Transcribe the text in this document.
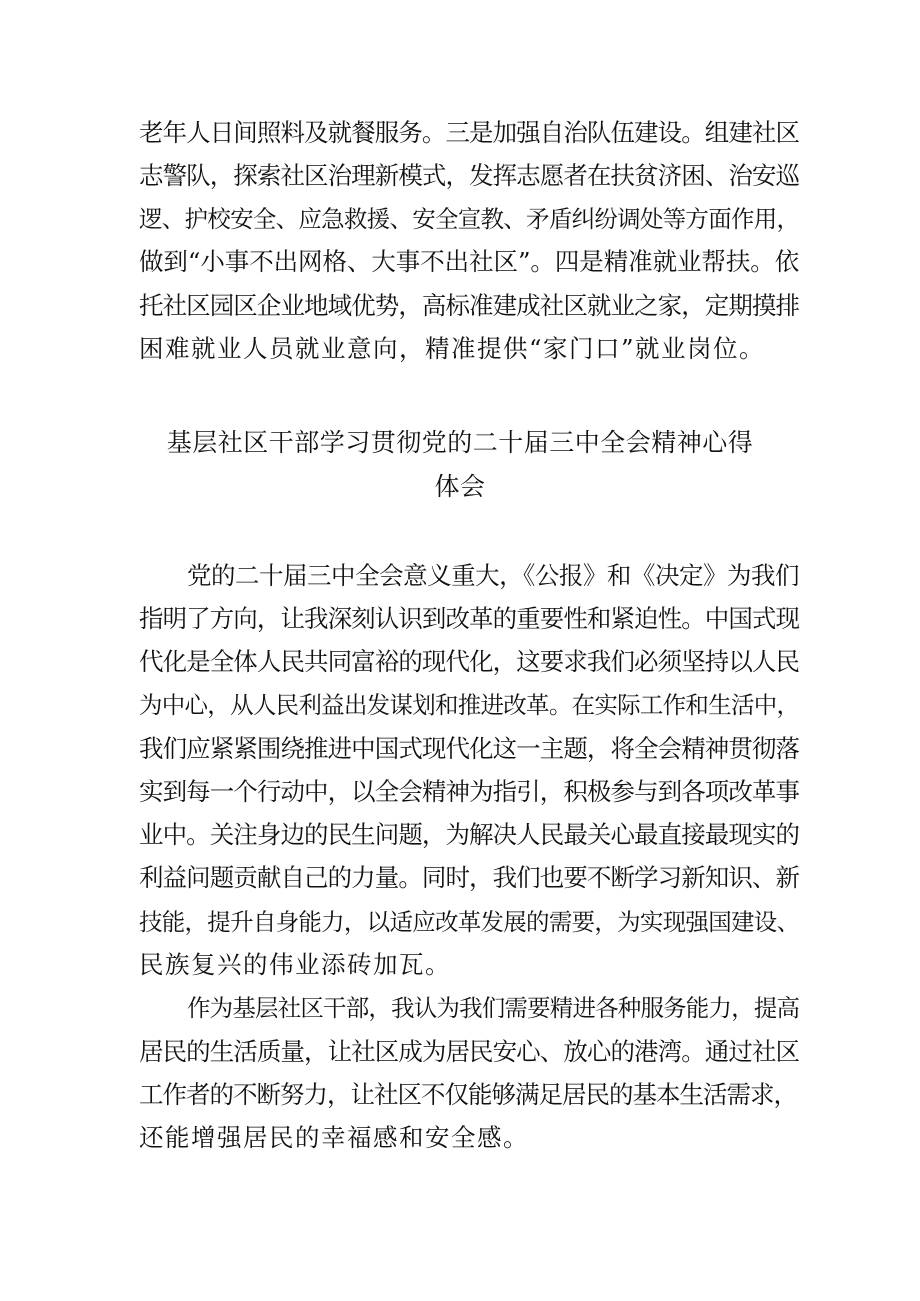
老年人日间照料及就餐服务。三是加强自治队伍建设。组建社区
志警队，探索社区治理新模式，发挥志愿者在扶贫济困、治安巡
逻、护校安全、应急救援、安全宣教、矛盾纠纷调处等方面作用，
做到“小事不出网格、大事不出社区”。四是精准就业帮扶。依
托社区园区企业地域优势，高标准建成社区就业之家，定期摸排
困难就业人员就业意向，精准提供“家门口”就业岗位。
基层社区干部学习贯彻党的二十届三中全会精神心得
体会
党的二十届三中全会意义重大，《公报》和《决定》为我们
指明了方向，让我深刻认识到改革的重要性和紧迫性。中国式现
代化是全体人民共同富裕的现代化，这要求我们必须坚持以人民
为中心，从人民利益出发谋划和推进改革。在实际工作和生活中，
我们应紧紧围绕推进中国式现代化这一主题，将全会精神贯彻落
实到每一个行动中，以全会精神为指引，积极参与到各项改革事
业中。关注身边的民生问题，为解决人民最关心最直接最现实的
利益问题贡献自己的力量。同时，我们也要不断学习新知识、新
技能，提升自身能力，以适应改革发展的需要，为实现强国建设、
民族复兴的伟业添砖加瓦。
作为基层社区干部，我认为我们需要精进各种服务能力，提高
居民的生活质量，让社区成为居民安心、放心的港湾。通过社区
工作者的不断努力，让社区不仅能够满足居民的基本生活需求，
还能增强居民的幸福感和安全感。
